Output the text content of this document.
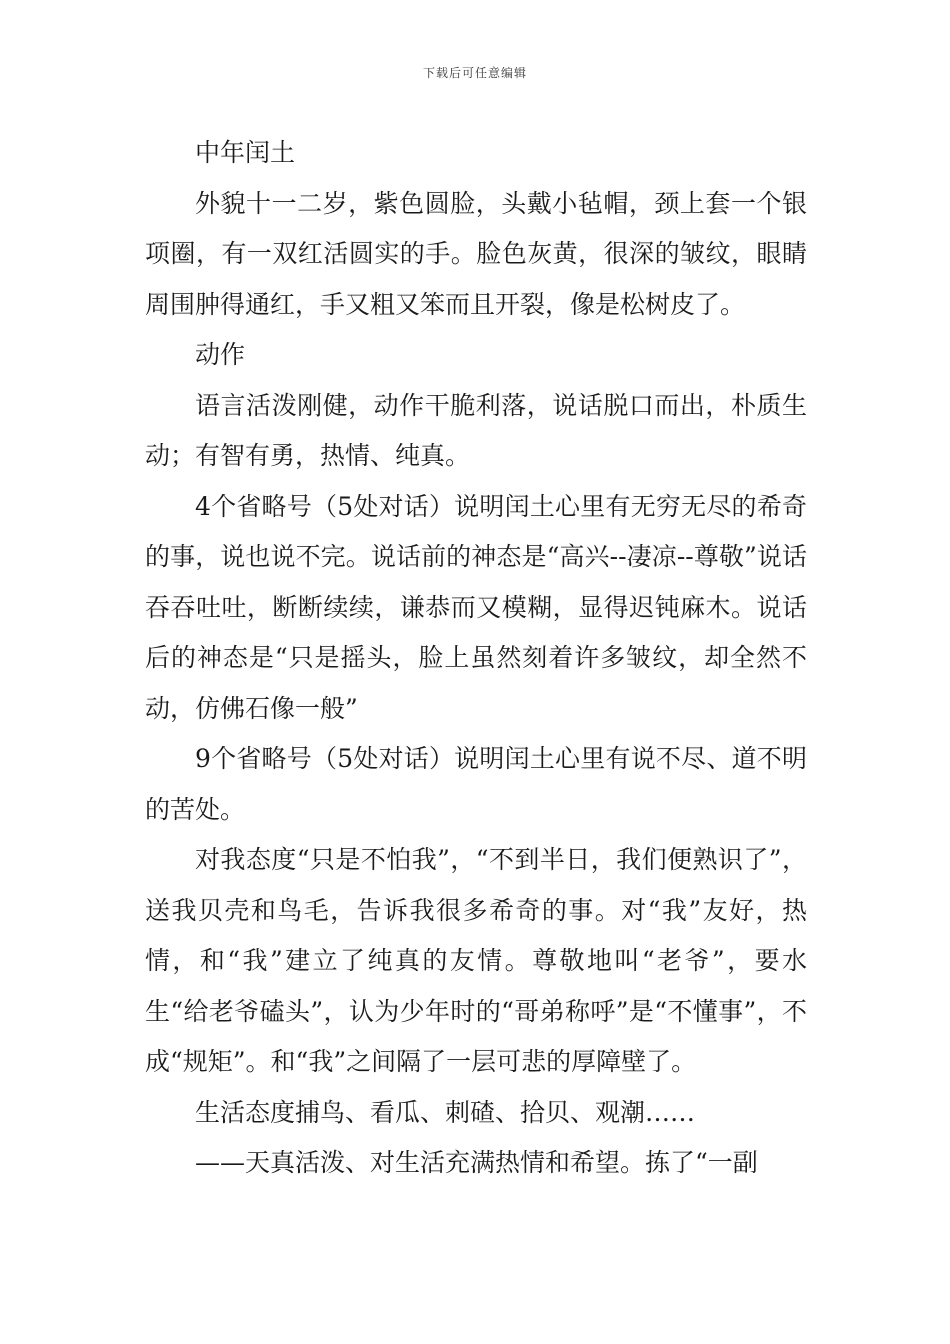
下载后可任意编辑

中年闰土

外貌十一二岁，紫色圆脸，头戴小毡帽，颈上套一个银项圈，有一双红活圆实的手。脸色灰黄，很深的皱纹，眼睛周围肿得通红，手又粗又笨而且开裂，像是松树皮了。

动作

语言活泼刚健，动作干脆利落，说话脱口而出，朴质生动；有智有勇，热情、纯真。

4个省略号（5处对话）说明闰土心里有无穷无尽的希奇的事，说也说不完。说话前的神态是“高兴--凄凉--尊敬”说话吞吞吐吐，断断续续，谦恭而又模糊，显得迟钝麻木。说话后的神态是“只是摇头，脸上虽然刻着许多皱纹，却全然不动，仿佛石像一般”

9个省略号（5处对话）说明闰土心里有说不尽、道不明的苦处。

对我态度“只是不怕我”，“不到半日，我们便熟识了”，送我贝壳和鸟毛，告诉我很多希奇的事。对“我”友好，热情，和“我”建立了纯真的友情。尊敬地叫“老爷”，要水生“给老爷磕头”，认为少年时的“哥弟称呼”是“不懂事”，不成“规矩”。和“我”之间隔了一层可悲的厚障壁了。

生活态度捕鸟、看瓜、刺碴、拾贝、观潮……

——天真活泼、对生活充满热情和希望。拣了“一副
